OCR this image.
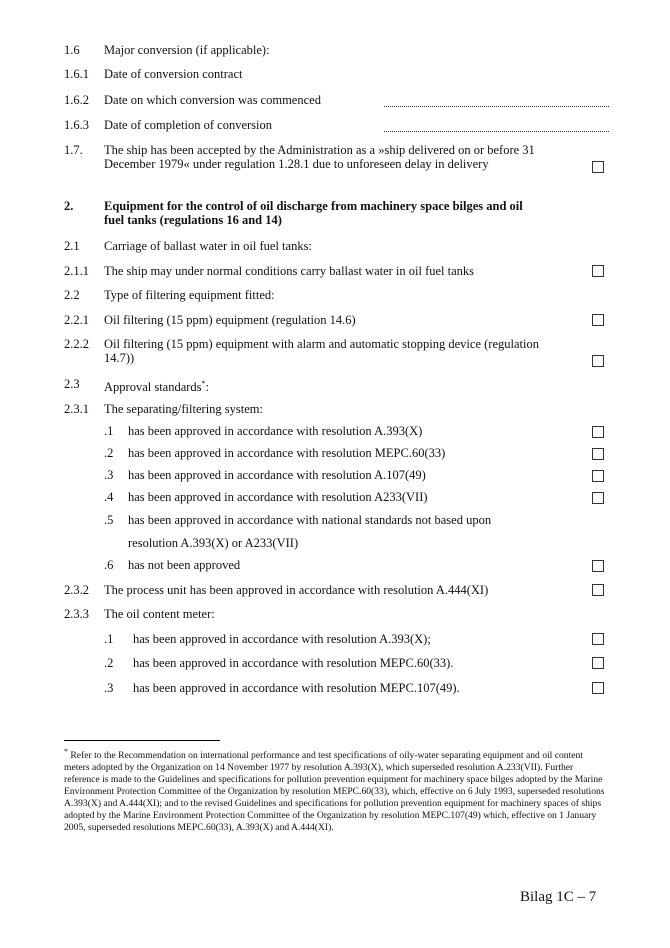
1.6 Major conversion (if applicable):
1.6.1 Date of conversion contract
1.6.2 Date on which conversion was commenced
1.6.3 Date of completion of conversion
1.7. The ship has been accepted by the Administration as a »ship delivered on or before 31 December 1979« under regulation 1.28.1 due to unforeseen delay in delivery
2. Equipment for the control of oil discharge from machinery space bilges and oil fuel tanks (regulations 16 and 14)
2.1 Carriage of ballast water in oil fuel tanks:
2.1.1 The ship may under normal conditions carry ballast water in oil fuel tanks
2.2 Type of filtering equipment fitted:
2.2.1 Oil filtering (15 ppm) equipment (regulation 14.6)
2.2.2 Oil filtering (15 ppm) equipment with alarm and automatic stopping device (regulation 14.7))
2.3 Approval standards*:
2.3.1 The separating/filtering system:
.1 has been approved in accordance with resolution A.393(X)
.2 has been approved in accordance with resolution MEPC.60(33)
.3 has been approved in accordance with resolution A.107(49)
.4 has been approved in accordance with resolution A233(VII)
.5 has been approved in accordance with national standards not based upon
resolution A.393(X) or A233(VII)
.6 has not been approved
2.3.2 The process unit has been approved in accordance with resolution A.444(XI)
2.3.3 The oil content meter:
.1 has been approved in accordance with resolution A.393(X);
.2 has been approved in accordance with resolution MEPC.60(33).
.3 has been approved in accordance with resolution MEPC.107(49).
* Refer to the Recommendation on international performance and test specifications of oily-water separating equipment and oil content meters adopted by the Organization on 14 November 1977 by resolution A.393(X), which superseded resolution A.233(VII). Further reference is made to the Guidelines and specifications for pollution prevention equipment for machinery space bilges adopted by the Marine Environment Protection Committee of the Organization by resolution MEPC.60(33), which, effective on 6 July 1993, superseded resolutions A.393(X) and A.444(XI); and to the revised Guidelines and specifications for pollution prevention equipment for machinery spaces of ships adopted by the Marine Environment Protection Committee of the Organization by resolution MEPC.107(49) which, effective on 1 January 2005, superseded resolutions MEPC.60(33), A.393(X) and A.444(XI).
Bilag 1C – 7
